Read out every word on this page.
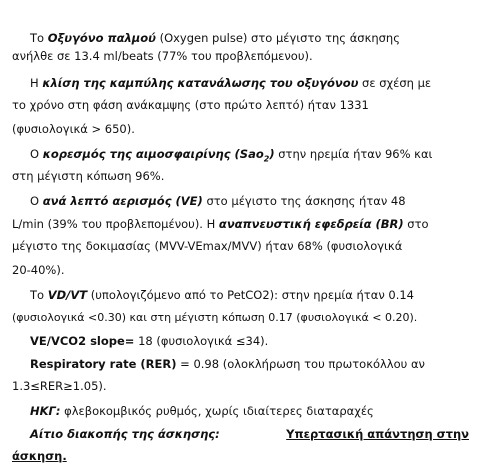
Το Οξυγόνο παλμού (Oxygen pulse) στο μέγιστο της άσκησης
ανήλθε σε 13.4 ml/beats (77% του προβλεπόμενου).
Η κλίση της καμπύλης κατανάλωσης του οξυγόνου σε σχέση με
το χρόνο στη φάση ανάκαμψης (στο πρώτο λεπτό) ήταν 1331
(φυσιολογικά > 650).
Ο κορεσμός της αιμοσφαιρίνης (Sao$_2$) στην ηρεμία ήταν 96% και
στη μέγιστη κόπωση 96%.
Ο ανά λεπτό αερισμός (VE) στο μέγιστο της άσκησης ήταν 48
L/min (39% του προβλεπομένου). Η αναπνευστική εφεδρεία (BR) στο
μέγιστο της δοκιμασίας (MVV-VEmax/MVV) ήταν 68% (φυσιολογικά
20-40%).
Το VD/VT (υπολογιζόμενο από το PetCO2): στην ηρεμία ήταν 0.14
(φυσιολογικά <0.30) και στη μέγιστη κόπωση 0.17 (φυσιολογικά < 0.20).
VE/VCO2 slope= 18 (φυσιολογικά ≤34).
Respiratory rate (RER) = 0.98 (ολοκλήρωση του πρωτοκόλλου αν
1.3≤RER≥1.05).
ΗΚΓ: φλεβοκομβικός ρυθμός, χωρίς ιδιαίτερες διαταραχές
Αίτιο διακοπής της άσκησης:	Υπερτασική απάντηση στην
άσκηση.
